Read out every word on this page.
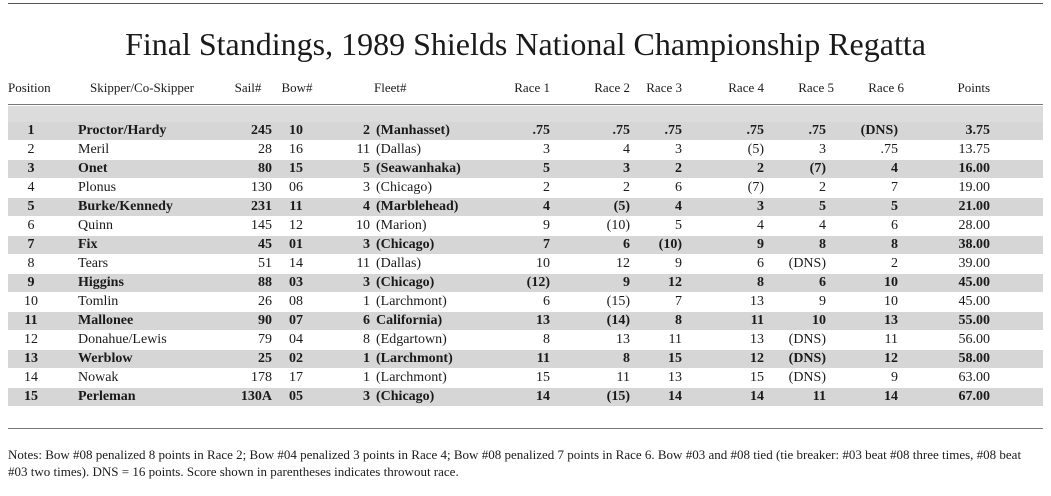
Final Standings, 1989 Shields National Championship Regatta
Position	Skipper/Co-Skipper	Sail#	Bow#	Fleet#	Race 1	Race 2	Race 3	Race 4	Race 5	Race 6	Points
1	Proctor/Hardy	245	10	2 (Manhasset)	.75	.75	.75	.75	.75	(DNS)	3.75
2	Meril	28	16	11 (Dallas)	3	4	3	(5)	3	.75	13.75
3	Onet	80	15	5 (Seawanhaka)	5	3	2	2	(7)	4	16.00
4	Plonus	130	06	3 (Chicago)	2	2	6	(7)	2	7	19.00
5	Burke/Kennedy	231	11	4 (Marblehead)	4	(5)	4	3	5	5	21.00
6	Quinn	145	12	10 (Marion)	9	(10)	5	4	4	6	28.00
7	Fix	45	01	3 (Chicago)	7	6	(10)	9	8	8	38.00
8	Tears	51	14	11 (Dallas)	10	12	9	6	(DNS)	2	39.00
9	Higgins	88	03	3 (Chicago)	(12)	9	12	8	6	10	45.00
10	Tomlin	26	08	1 (Larchmont)	6	(15)	7	13	9	10	45.00
11	Mallonee	90	07	6 California)	13	(14)	8	11	10	13	55.00
12	Donahue/Lewis	79	04	8 (Edgartown)	8	13	11	13	(DNS)	11	56.00
13	Werblow	25	02	1 (Larchmont)	11	8	15	12	(DNS)	12	58.00
14	Nowak	178	17	1 (Larchmont)	15	11	13	15	(DNS)	9	63.00
15	Perleman	130A	05	3 (Chicago)	14	(15)	14	14	11	14	67.00
Notes: Bow #08 penalized 8 points in Race 2; Bow #04 penalized 3 points in Race 4; Bow #08 penalized 7 points in Race 6. Bow #03 and #08 tied (tie breaker: #03 beat #08 three times, #08 beat #03 two times). DNS = 16 points. Score shown in parentheses indicates throwout race.
